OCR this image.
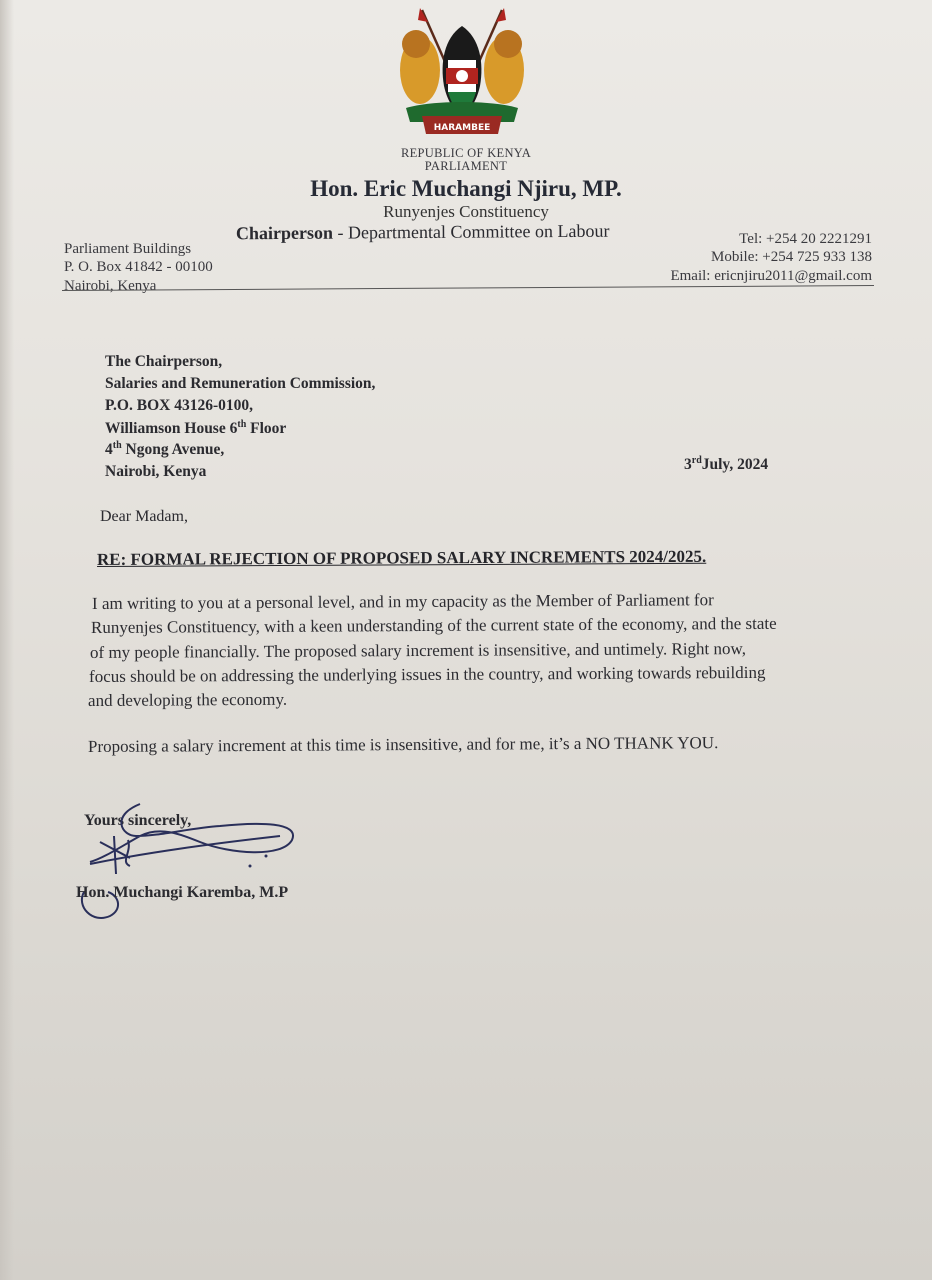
HARAMBEE
REPUBLIC OF KENYA
PARLIAMENT
Hon. Eric Muchangi Njiru, MP.
Runyenjes Constituency
Chairperson - Departmental Committee on Labour
Parliament Buildings
P. O. Box 41842 - 00100
Nairobi, Kenya
Tel: +254 20 2221291
Mobile: +254 725 933 138
Email: ericnjiru2011@gmail.com
The Chairperson,
Salaries and Remuneration Commission,
P.O. BOX 43126-0100,
Williamson House 6th Floor
4th Ngong Avenue,
Nairobi, Kenya	3rdJuly, 2024
Dear Madam,
RE: FORMAL REJECTION OF PROPOSED SALARY INCREMENTS 2024/2025.
I am writing to you at a personal level, and in my capacity as the Member of Parliament for
Runyenjes Constituency, with a keen understanding of the current state of the economy, and the state
of my people financially. The proposed salary increment is insensitive, and untimely. Right now,
focus should be on addressing the underlying issues in the country, and working towards rebuilding
and developing the economy.
Proposing a salary increment at this time is insensitive, and for me, it’s a NO THANK YOU.
Yours sincerely,
Hon. Muchangi Karemba, M.P
